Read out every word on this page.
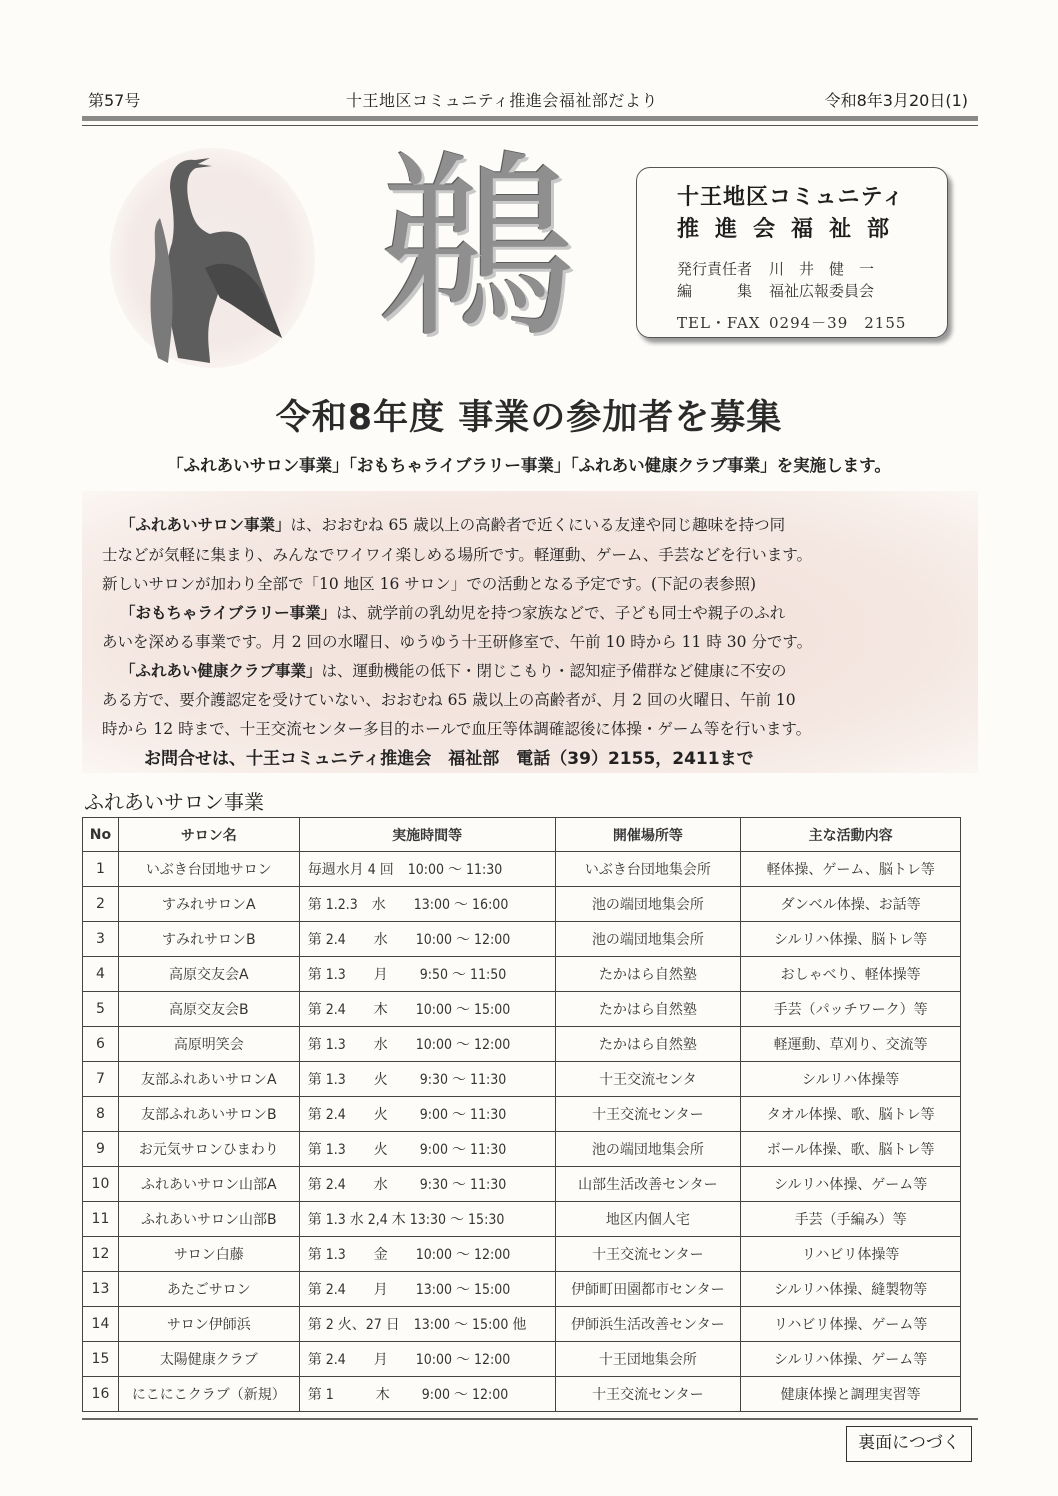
第57号	十王地区コミュニティ推進会福祉部だより	令和8年3月20日(1)
鵜	十王地区コミュニティ
推進会福祉部
発行責任者 川　井　健　一
編　　　集 福祉広報委員会
TEL・FAX 0294－39　2155
令和8年度 事業の参加者を募集
「ふれあいサロン事業」「おもちゃライブラリー事業」「ふれあい健康クラブ事業」を実施します。

「ふれあいサロン事業」は、おおむね 65 歳以上の高齢者で近くにいる友達や同じ趣味を持つ同

士などが気軽に集まり、みんなでワイワイ楽しめる場所です。軽運動、ゲーム、手芸などを行います。

新しいサロンが加わり全部で「10 地区 16 サロン」での活動となる予定です。(下記の表参照)

「おもちゃライブラリー事業」は、就学前の乳幼児を持つ家族などで、子ども同士や親子のふれ

あいを深める事業です。月 2 回の水曜日、ゆうゆう十王研修室で、午前 10 時から 11 時 30 分です。

「ふれあい健康クラブ事業」は、運動機能の低下・閉じこもり・認知症予備群など健康に不安の

ある方で、要介護認定を受けていない、おおむね 65 歳以上の高齢者が、月 2 回の火曜日、午前 10

時から 12 時まで、十王交流センター多目的ホールで血圧等体調確認後に体操・ゲーム等を行います。

お問合せは、十王コミュニティ推進会　福祉部　電話（39）2155，2411まで

ふれあいサロン事業
No	サロン名	実施時間等	開催場所等	主な活動内容
1	いぶき台団地サロン	毎週水月 4 回　10:00 ～ 11:30	いぶき台団地集会所	軽体操、ゲーム、脳トレ等
2	すみれサロンA	第 1.2.3　水　　13:00 ～ 16:00	池の端団地集会所	ダンベル体操、お話等
3	すみれサロンB	第 2.4　　水　　10:00 ～ 12:00	池の端団地集会所	シルリハ体操、脳トレ等
4	高原交友会A	第 1.3　　月　　 9:50 ～ 11:50	たかはら自然塾	おしゃべり、軽体操等
5	高原交友会B	第 2.4　　木　　10:00 ～ 15:00	たかはら自然塾	手芸（パッチワーク）等
6	高原明笑会	第 1.3　　水　　10:00 ～ 12:00	たかはら自然塾	軽運動、草刈り、交流等
7	友部ふれあいサロンA	第 1.3　　火　　 9:30 ～ 11:30	十王交流センタ	シルリハ体操等
8	友部ふれあいサロンB	第 2.4　　火　　 9:00 ～ 11:30	十王交流センター	タオル体操、歌、脳トレ等
9	お元気サロンひまわり	第 1.3　　火　　 9:00 ～ 11:30	池の端団地集会所	ボール体操、歌、脳トレ等
10	ふれあいサロン山部A	第 2.4　　水　　 9:30 ～ 11:30	山部生活改善センター	シルリハ体操、ゲーム等
11	ふれあいサロン山部B	第 1.3 水 2,4 木 13:30 ～ 15:30	地区内個人宅	手芸（手編み）等
12	サロン白藤	第 1.3　　金　　10:00 ～ 12:00	十王交流センター	リハビリ体操等
13	あたごサロン	第 2.4　　月　　13:00 ～ 15:00	伊師町田園都市センター	シルリハ体操、縫製物等
14	サロン伊師浜	第 2 火、27 日　13:00 ～ 15:00 他	伊師浜生活改善センター	リハビリ体操、ゲーム等
15	太陽健康クラブ	第 2.4　　月　　10:00 ～ 12:00	十王団地集会所	シルリハ体操、ゲーム等
16	にこにこクラブ（新規）	第 1　　　木　　 9:00 ～ 12:00	十王交流センター	健康体操と調理実習等
裏面につづく
